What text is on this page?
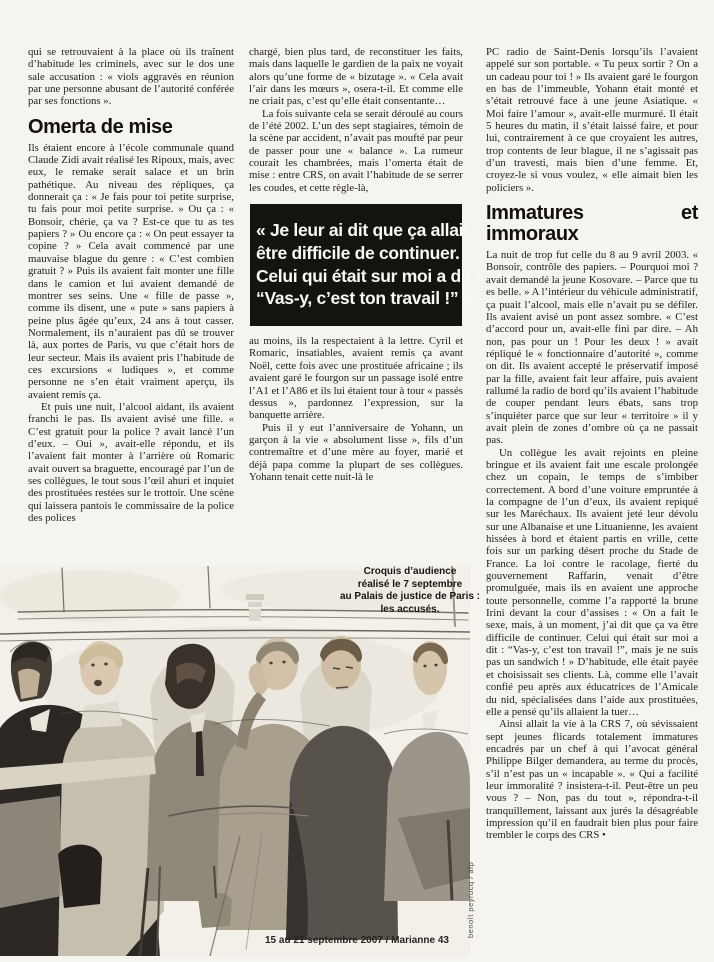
qui se retrouvaient à la place où ils traînent d’habitude les criminels, avec sur le dos une sale accusation : « viols aggravés en réunion par une personne abusant de l’autorité conférée par ses fonctions ».

Omerta de mise

Ils étaient encore à l’école communale quand Claude Zidi avait réalisé les Ripoux, mais, avec eux, le remake serait salace et un brin pathétique. Au niveau des répliques, ça donnerait ça : « Je fais pour toi petite surprise, tu fais pour moi petite surprise. » Ou ça : « Bonsoir, chérie, ça va ? Est-ce que tu as tes papiers ? » Ou encore ça : « On peut essayer ta copine ? » Cela avait commencé par une mauvaise blague du genre : « C’est combien gratuit ? » Puis ils avaient fait monter une fille dans le camion et lui avaient demandé de montrer ses seins. Une « fille de passe », comme ils disent, une « pute » sans papiers à peine plus âgée qu’eux, 24 ans à tout casser. Normalement, ils n’auraient pas dû se trouver là, aux portes de Paris, vu que c’était hors de leur secteur. Mais ils avaient pris l’habitude de ces excursions « ludiques », et comme personne ne s’en était vraiment aperçu, ils avaient remis ça.

Et puis une nuit, l’alcool aidant, ils avaient franchi le pas. Ils avaient avisé une fille. « C’est gratuit pour la police ? avait lancé l’un d’eux. – Oui », avait-elle répondu, et ils l’avaient fait monter à l’arrière où Romaric avait ouvert sa braguette, encouragé par l’un de ses collègues, le tout sous l’œil ahuri et inquiet des prostituées restées sur le trottoir. Une scène qui laissera pantois le commissaire de la police des polices

chargé, bien plus tard, de reconstituer les faits, mais dans laquelle le gardien de la paix ne voyait alors qu’une forme de « bizutage ». « Cela avait l’air dans les mœurs », osera-t-il. Et comme elle ne criait pas, c’est qu’elle était consentante…

La fois suivante cela se serait déroulé au cours de l’été 2002. L’un des sept stagiaires, témoin de la scène par accident, n’avait pas moufté par peur de passer pour une « balance ». La rumeur courait les chambrées, mais l’omerta était de mise : entre CRS, on avait l’habitude de se serrer les coudes, et cette règle-là,

« Je leur ai dit que ça allait
être difficile de continuer.
Celui qui était sur moi a dit :
“Vas-y, c’est ton travail !” »

au moins, ils la respectaient à la lettre. Cyril et Romaric, insatiables, avaient remis ça avant Noël, cette fois avec une prostituée africaine ; ils avaient garé le fourgon sur un passage isolé entre l’A1 et l’A86 et ils lui étaient tour à tour « passés dessus », pardonnez l’expression, sur la banquette arrière.

Puis il y eut l’anniversaire de Yohann, un garçon à la vie « absolument lisse », fils d’un contremaître et d’une mère au foyer, marié et déjà papa comme la plupart de ses collègues. Yohann tenait cette nuit-là le

PC radio de Saint-Denis lorsqu’ils l’avaient appelé sur son portable. « Tu peux sortir ? On a un cadeau pour toi ! » Ils avaient garé le fourgon en bas de l’immeuble, Yohann était monté et s’était retrouvé face à une jeune Asiatique. « Moi faire l’amour », avait-elle murmuré. Il était 5 heures du matin, il s’était laissé faire, et pour lui, contrairement à ce que croyaient les autres, trop contents de leur blague, il ne s’agissait pas d’un travesti, mais bien d’une femme. Et, croyez-le si vous voulez, « elle aimait bien les policiers ».

Immatures et immoraux

La nuit de trop fut celle du 8 au 9 avril 2003. « Bonsoir, contrôle des papiers. – Pourquoi moi ? avait demandé la jeune Kosovare. – Parce que tu es belle. » A l’intérieur du véhicule administratif, ça puait l’alcool, mais elle n’avait pu se défiler. Ils avaient avisé un pont assez sombre. « C’est d’accord pour un, avait-elle fini par dire. – Ah non, pas pour un ! Pour les deux ! » avait répliqué le « fonctionnaire d’autorité », comme on dit. Ils avaient accepté le préservatif imposé par la fille, avaient fait leur affaire, puis avaient rallumé la radio de bord qu’ils avaient l’habitude de couper pendant leurs ébats, sans trop s’inquiéter parce que sur leur « territoire » il y avait plein de zones d’ombre où ça ne passait pas.

Un collègue les avait rejoints en pleine bringue et ils avaient fait une escale prolongée chez un copain, le temps de s’imbiber correctement. A bord d’une voiture empruntée à la compagne de l’un d’eux, ils avaient repiqué sur les Maréchaux. Ils avaient jeté leur dévolu sur une Albanaise et une Lituanienne, les avaient hissées à bord et étaient partis en vrille, cette fois sur un parking désert proche du Stade de France. La loi contre le racolage, fierté du gouvernement Raffarin, venait d’être promulguée, mais ils en avaient une approche toute personnelle, comme l’a rapporté la brune Irini devant la cour d’assises : « On a fait le sexe, mais, à un moment, j’ai dit que ça va être difficile de continuer. Celui qui était sur moi a dit : “Vas-y, c’est ton travail !”, mais je ne suis pas un sandwich ! » D’habitude, elle était payée et choisissait ses clients. Là, comme elle l’avait confié peu après aux éducatrices de l’Amicale du nid, spécialisées dans l’aide aux prostituées, elle a pensé qu’ils allaient la tuer…

Ainsi allait la vie à la CRS 7, où sévissaient sept jeunes flicards totalement immatures encadrés par un chef à qui l’avocat général Philippe Bilger demandera, au terme du procès, s’il n’est pas un « incapable ». « Qui a facilité leur immoralité ? insistera-t-il. Peut-être un peu vous ? – Non, pas du tout », répondra-t-il tranquillement, laissant aux jurés la désagréable impression qu’il en faudrait bien plus pour faire trembler le corps des CRS •

Croquis d’audience
réalisé le 7 septembre
au Palais de justice de Paris :
les accusés.
benoît peyrucq / afp
15 au 21 septembre 2007 / Marianne 43
